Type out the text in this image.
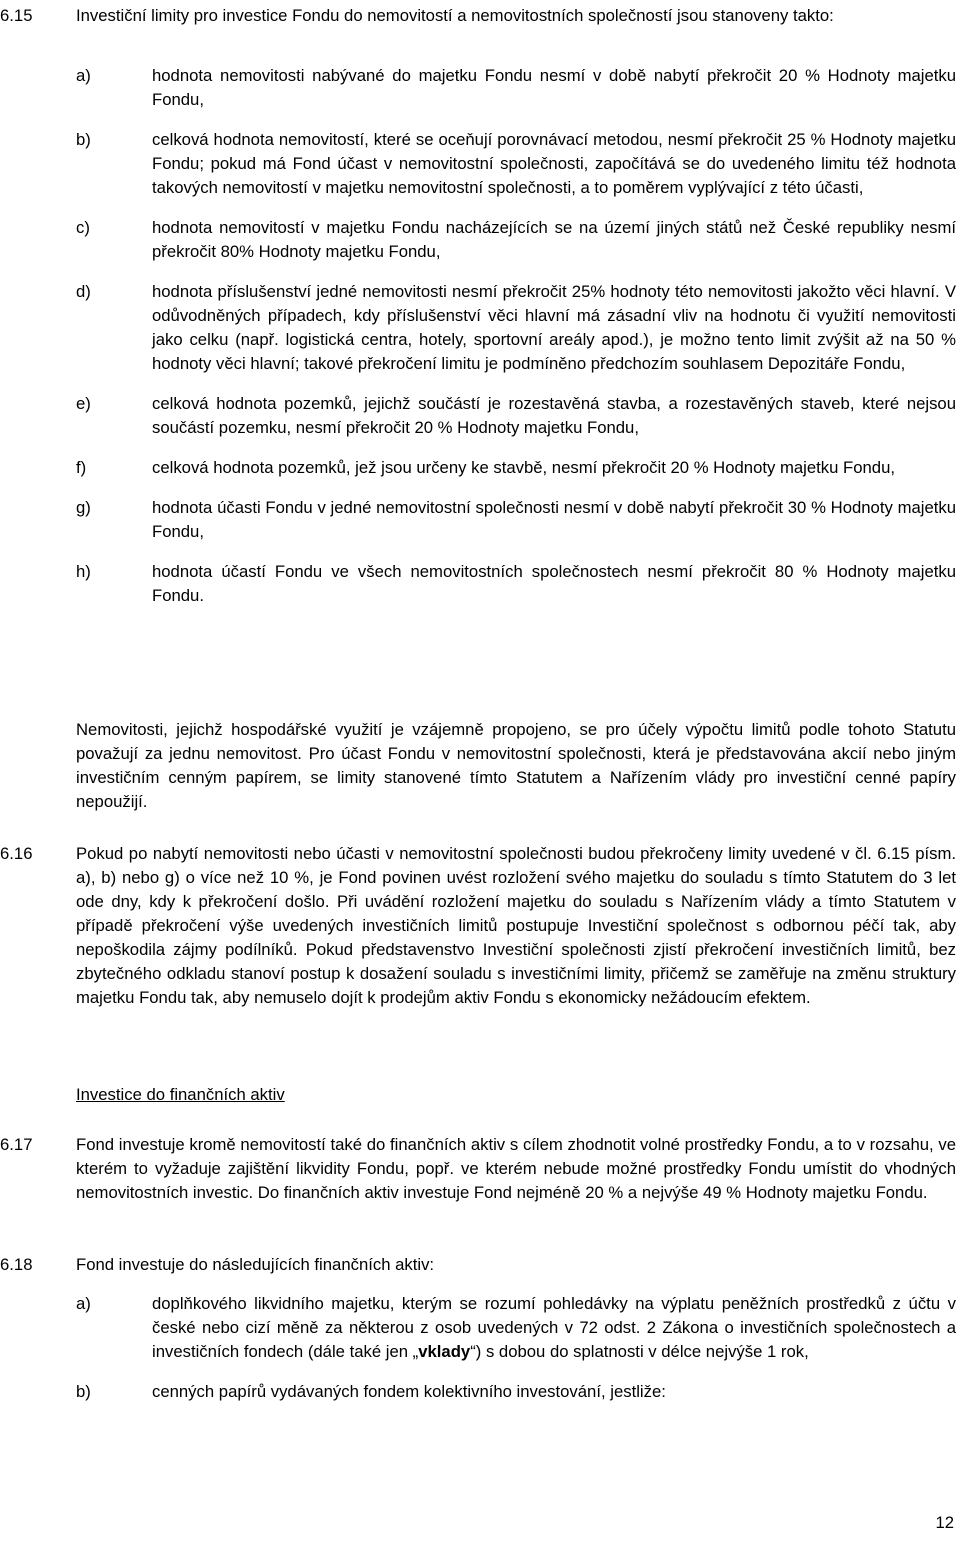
6.15	Investiční limity pro investice Fondu do nemovitostí a nemovitostních společností jsou stanoveny takto:

a)	hodnota nemovitosti nabývané do majetku Fondu nesmí v době nabytí překročit 20 % Hodnoty majetku Fondu,
b)	celková hodnota nemovitostí, které se oceňují porovnávací metodou, nesmí překročit 25 % Hodnoty majetku Fondu; pokud má Fond účast v nemovitostní společnosti, započítává se do uvedeného limitu též hodnota takových nemovitostí v majetku nemovitostní společnosti, a to poměrem vyplývající z této účasti,
c)	hodnota nemovitostí v majetku Fondu nacházejících se na území jiných států než České republiky nesmí překročit 80% Hodnoty majetku Fondu,
d)	hodnota příslušenství jedné nemovitosti nesmí překročit 25% hodnoty této nemovitosti jakožto věci hlavní. V odůvodněných případech, kdy příslušenství věci hlavní má zásadní vliv na hodnotu či využití nemovitosti jako celku (např. logistická centra, hotely, sportovní areály apod.), je možno tento limit zvýšit až na 50 % hodnoty věci hlavní; takové překročení limitu je podmíněno předchozím souhlasem Depozitáře Fondu,
e)	celková hodnota pozemků, jejichž součástí je rozestavěná stavba, a rozestavěných staveb, které nejsou součástí pozemku, nesmí překročit 20 % Hodnoty majetku Fondu,
f)	celková hodnota pozemků, jež jsou určeny ke stavbě, nesmí překročit 20 % Hodnoty majetku Fondu,
g)	hodnota účasti Fondu v jedné nemovitostní společnosti nesmí v době nabytí překročit 30 % Hodnoty majetku Fondu,
h)	hodnota účastí Fondu ve všech nemovitostních společnostech nesmí překročit 80 % Hodnoty majetku Fondu.

Nemovitosti, jejichž hospodářské využití je vzájemně propojeno, se pro účely výpočtu limitů podle tohoto Statutu považují za jednu nemovitost. Pro účast Fondu v nemovitostní společnosti, která je představována akcií nebo jiným investičním cenným papírem, se limity stanovené tímto Statutem a Nařízením vlády pro investiční cenné papíry nepoužijí.

6.16	Pokud po nabytí nemovitosti nebo účasti v nemovitostní společnosti budou překročeny limity uvedené v čl. 6.15 písm. a), b) nebo g) o více než 10 %, je Fond povinen uvést rozložení svého majetku do souladu s tímto Statutem do 3 let ode dny, kdy k překročení došlo. Při uvádění rozložení majetku do souladu s Nařízením vlády a tímto Statutem v případě překročení výše uvedených investičních limitů postupuje Investiční společnost s odbornou péčí tak, aby nepoškodila zájmy podílníků. Pokud představenstvo Investiční společnosti zjistí překročení investičních limitů, bez zbytečného odkladu stanoví postup k dosažení souladu s investičními limity, přičemž se zaměřuje na změnu struktury majetku Fondu tak, aby nemuselo dojít k prodejům aktiv Fondu s ekonomicky nežádoucím efektem.

Investice do finančních aktiv
6.17	Fond investuje kromě nemovitostí také do finančních aktiv s cílem zhodnotit volné prostředky Fondu, a to v rozsahu, ve kterém to vyžaduje zajištění likvidity Fondu, popř. ve kterém nebude možné prostředky Fondu umístit do vhodných nemovitostních investic. Do finančních aktiv investuje Fond nejméně 20 % a nejvýše 49 % Hodnoty majetku Fondu.

6.18	Fond investuje do následujících finančních aktiv:

a)	doplňkového likvidního majetku, kterým se rozumí pohledávky na výplatu peněžních prostředků z účtu v české nebo cizí měně za některou z osob uvedených v 72 odst. 2 Zákona o investičních společnostech a investičních fondech (dále také jen „vklady“) s dobou do splatnosti v délce nejvýše 1 rok,
b)	cenných papírů vydávaných fondem kolektivního investování, jestliže:
12
